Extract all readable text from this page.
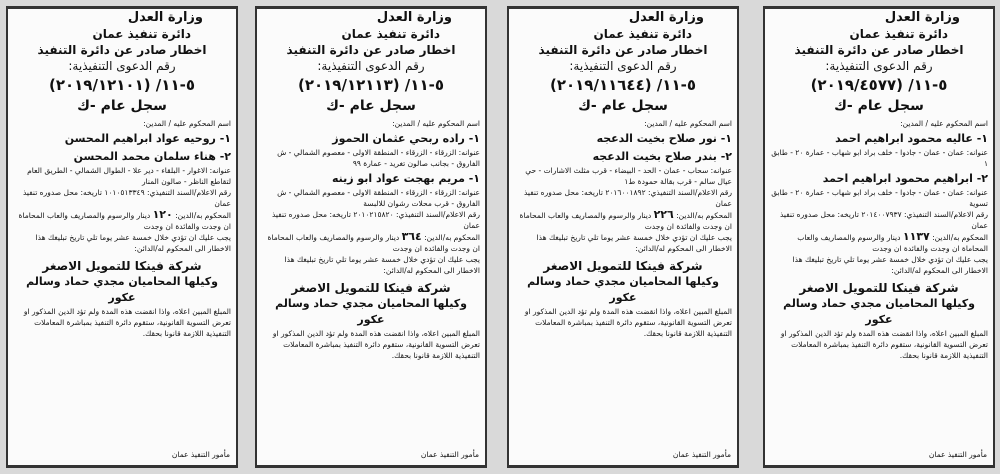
وزارة العدل
دائرة تنفيذ عمان
اخطار صادر عن دائرة التنفيذ
رقم الدعوى التنفيذية:
٥-١١/ (٢٠١٩/٤٥٧٧)
سجل عام -ك
اسم المحكوم عليه / المدين:
١- عاليه محمود ابراهيم احمد
عنوانه: عمان - عمان - جادوا - خلف براد ابو شهاب - عمارة ٢٠ - طابق ١
٢- ابراهيم محمود ابراهيم احمد
عنوانه: عمان - عمان - جادوا - خلف براد ابو شهاب - عمارة ٢٠ - طابق تسوية
رقم الاعلام/السند التنفيذي: ٢٠١٤٠٠٧٩٣٧ تاريخه: محل صدوره تنفيذ عمان
المحكوم به/الدين: ١١٣٧ دينار والرسوم والمصاريف والعاب المحاماة ان وجدت والفائدة ان وجدت
يجب عليك ان تؤدي خلال خمسة عشر يوما تلي تاريخ تبليغك هذا الاخطار الى المحكوم له/الدائن:
شركة فينكا للتمويل الاصغر
وكيلها المحاميان مجدي حماد وسالم عكور
المبلغ المبين اعلاه، واذا انقضت هذه المدة ولم تؤد الدين المذكور او تعرض التسوية القانونية، ستقوم دائرة التنفيذ بمباشرة المعاملات التنفيذية اللازمة قانونا بحقك.
مأمور التنفيذ عمان
وزارة العدل
دائرة تنفيذ عمان
اخطار صادر عن دائرة التنفيذ
رقم الدعوى التنفيذية:
٥-١١/ (٢٠١٩/١١٦٤٤)
سجل عام -ك
اسم المحكوم عليه / المدين:
١- نور صلاح بخيت الدعجه
٢- بندر صلاح بخيت الدعجه
عنوانه: سحاب - عمان - الحد - البيضاء - قرب مثلث الاشارات - حي عيال سالم - قرب بقالة حمودة ط١
رقم الاعلام/السند التنفيذي: ٢٠١٦٠٠١٨٩٢ تاريخه: محل صدوره تنفيذ عمان
المحكوم به/الدين: ٢٢٦ دينار والرسوم والمصاريف والعاب المحاماة ان وجدت والفائدة ان وجدت
يجب عليك ان تؤدي خلال خمسة عشر يوما تلي تاريخ تبليغك هذا الاخطار الى المحكوم له/الدائن:
شركة فينكا للتمويل الاصغر
وكيلها المحاميان مجدي حماد وسالم عكور
المبلغ المبين اعلاه، واذا انقضت هذه المدة ولم تؤد الدين المذكور او تعرض التسوية القانونية، ستقوم دائرة التنفيذ بمباشرة المعاملات التنفيذية اللازمة قانونا بحقك.
مأمور التنفيذ عمان
وزارة العدل
دائرة تنفيذ عمان
اخطار صادر عن دائرة التنفيذ
رقم الدعوى التنفيذية:
٥-١١/ (٢٠١٩/١٢١١٣)
سجل عام -ك
اسم المحكوم عليه / المدين:
١- راده ربحي عثمان الحموز
عنوانه: الزرقاء - الزرقاء - المنطقة الاولى - معصوم الشمالي - ش الفاروق - بجانب صالون تغريد - عمارة ٩٩
١- مريم بهجت عواد ابو زينه
عنوانه: الزرقاء - الزرقاء - المنطقة الاولى - معصوم الشمالي - ش الفاروق - قرب محلات رشوان للالبسة
رقم الاعلام/السند التنفيذي: ٢٠١٠٢١٥٨٢٠ تاريخه: محل صدوره تنفيذ عمان
المحكوم به/الدين: ٣٦٤ دينار والرسوم والمصاريف والعاب المحاماة ان وجدت والفائدة ان وجدت
يجب عليك ان تؤدي خلال خمسة عشر يوما تلي تاريخ تبليغك هذا الاخطار الى المحكوم له/الدائن:
شركة فينكا للتمويل الاصغر
وكيلها المحاميان مجدي حماد وسالم عكور
المبلغ المبين اعلاه، واذا انقضت هذه المدة ولم تؤد الدين المذكور او تعرض التسوية القانونية، ستقوم دائرة التنفيذ بمباشرة المعاملات التنفيذية اللازمة قانونا بحقك.
مأمور التنفيذ عمان
وزارة العدل
دائرة تنفيذ عمان
اخطار صادر عن دائرة التنفيذ
رقم الدعوى التنفيذية:
٥-١١/ (٢٠١٩/١٢١٠١)
سجل عام -ك
اسم المحكوم عليه / المدين:
١- روحيه عواد ابراهيم المحسن
٢- هناء سلمان محمد المحسن
عنوانه: الاغوار - البلقاء - دير علا - الطوال الشمالي - الطريق العام لتقاطع الناظر - صالون المنار
رقم الاعلام/السند التنفيذي: ١٠١٠٥١٣٣٤٩ تاريخه: محل صدوره تنفيذ عمان
المحكوم به/الدين: ١٢٠ دينار والرسوم والمصاريف والعاب المحاماة ان وجدت والفائدة ان وجدت
يجب عليك ان تؤدي خلال خمسة عشر يوما تلي تاريخ تبليغك هذا الاخطار الى المحكوم له/الدائن:
شركة فينكا للتمويل الاصغر
وكيلها المحاميان مجدي حماد وسالم عكور
المبلغ المبين اعلاه، واذا انقضت هذه المدة ولم تؤد الدين المذكور او تعرض التسوية القانونية، ستقوم دائرة التنفيذ بمباشرة المعاملات التنفيذية اللازمة قانونا بحقك.
مأمور التنفيذ عمان
